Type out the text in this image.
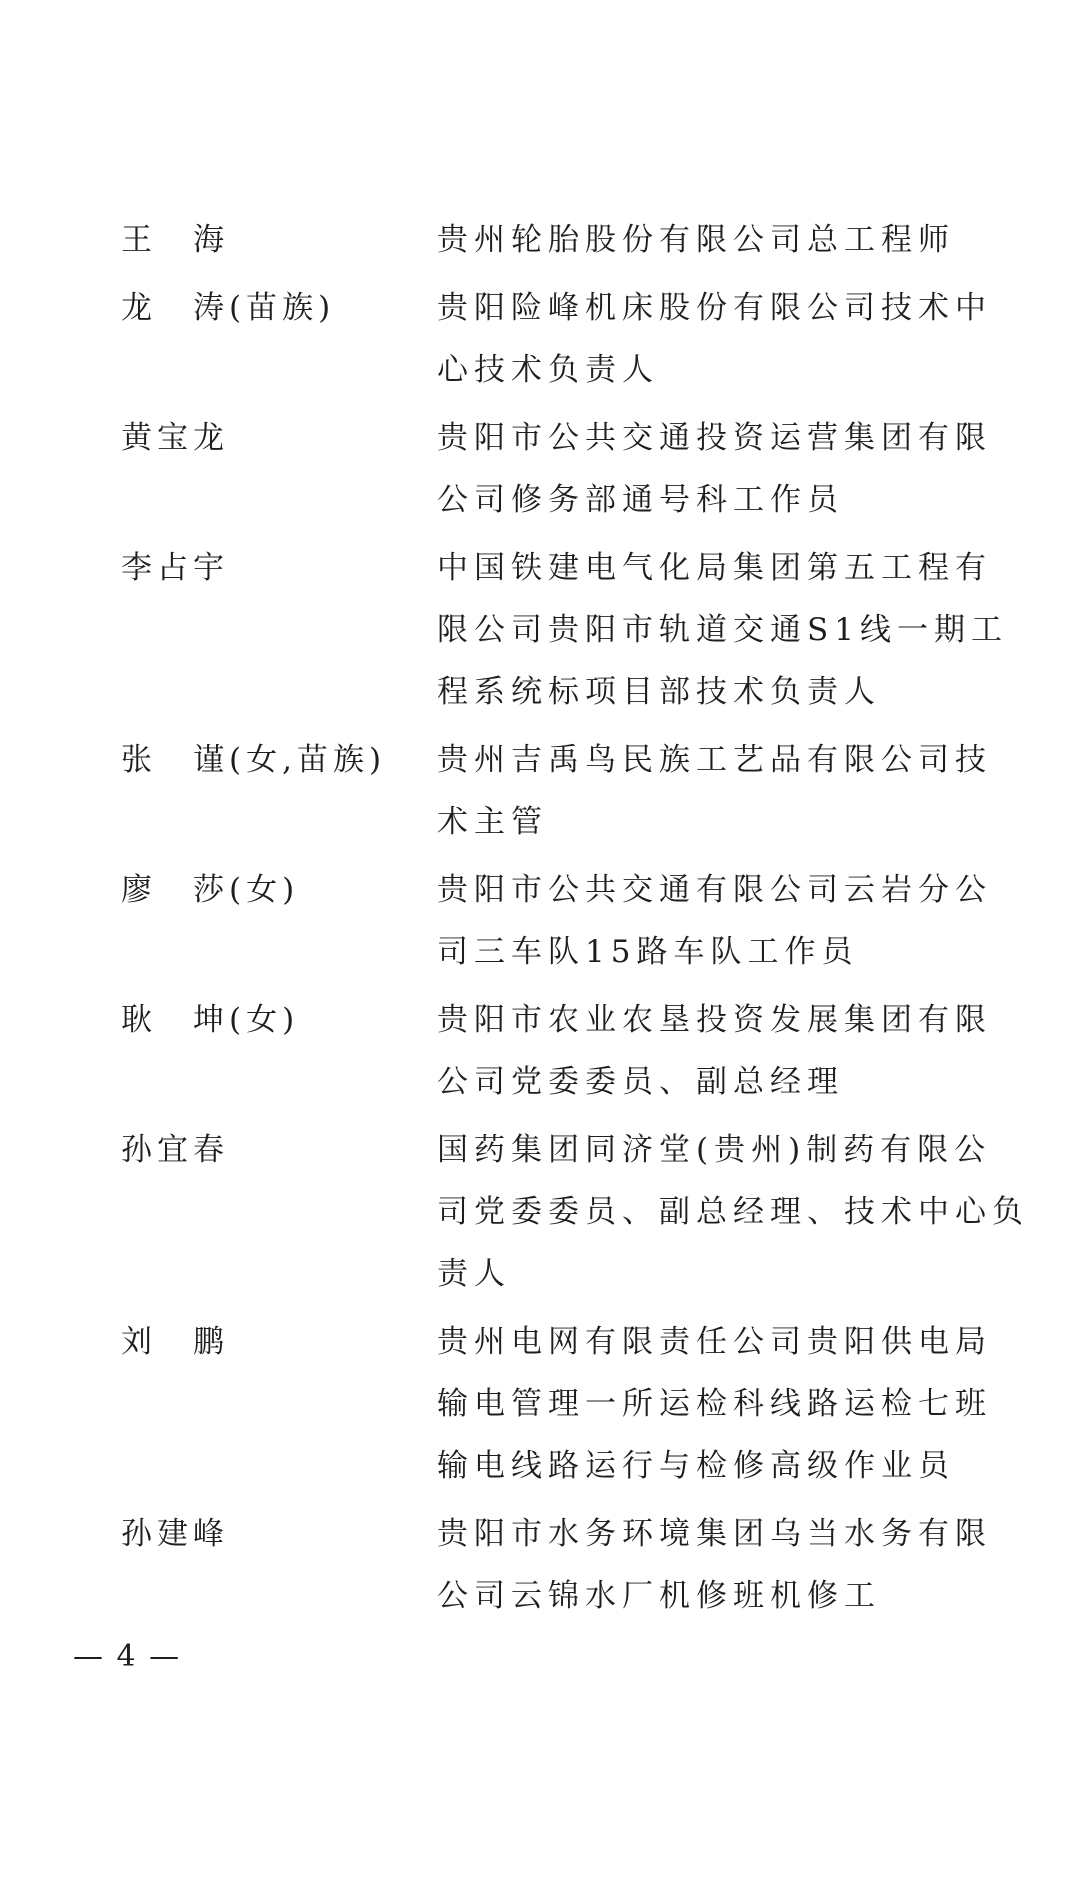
王　海	贵州轮胎股份有限公司总工程师
龙　涛(苗族)	贵阳险峰机床股份有限公司技术中
心技术负责人
黄宝龙	贵阳市公共交通投资运营集团有限
公司修务部通号科工作员
李占宇	中国铁建电气化局集团第五工程有
限公司贵阳市轨道交通S1线一期工
程系统标项目部技术负责人
张　谨(女,苗族)	贵州吉禹鸟民族工艺品有限公司技
术主管
廖　莎(女)	贵阳市公共交通有限公司云岩分公
司三车队15路车队工作员
耿　坤(女)	贵阳市农业农垦投资发展集团有限
公司党委委员、副总经理
孙宜春	国药集团同济堂(贵州)制药有限公
司党委委员、副总经理、技术中心负
责人
刘　鹏	贵州电网有限责任公司贵阳供电局
输电管理一所运检科线路运检七班
输电线路运行与检修高级作业员
孙建峰	贵阳市水务环境集团乌当水务有限
公司云锦水厂机修班机修工
— 4 —
